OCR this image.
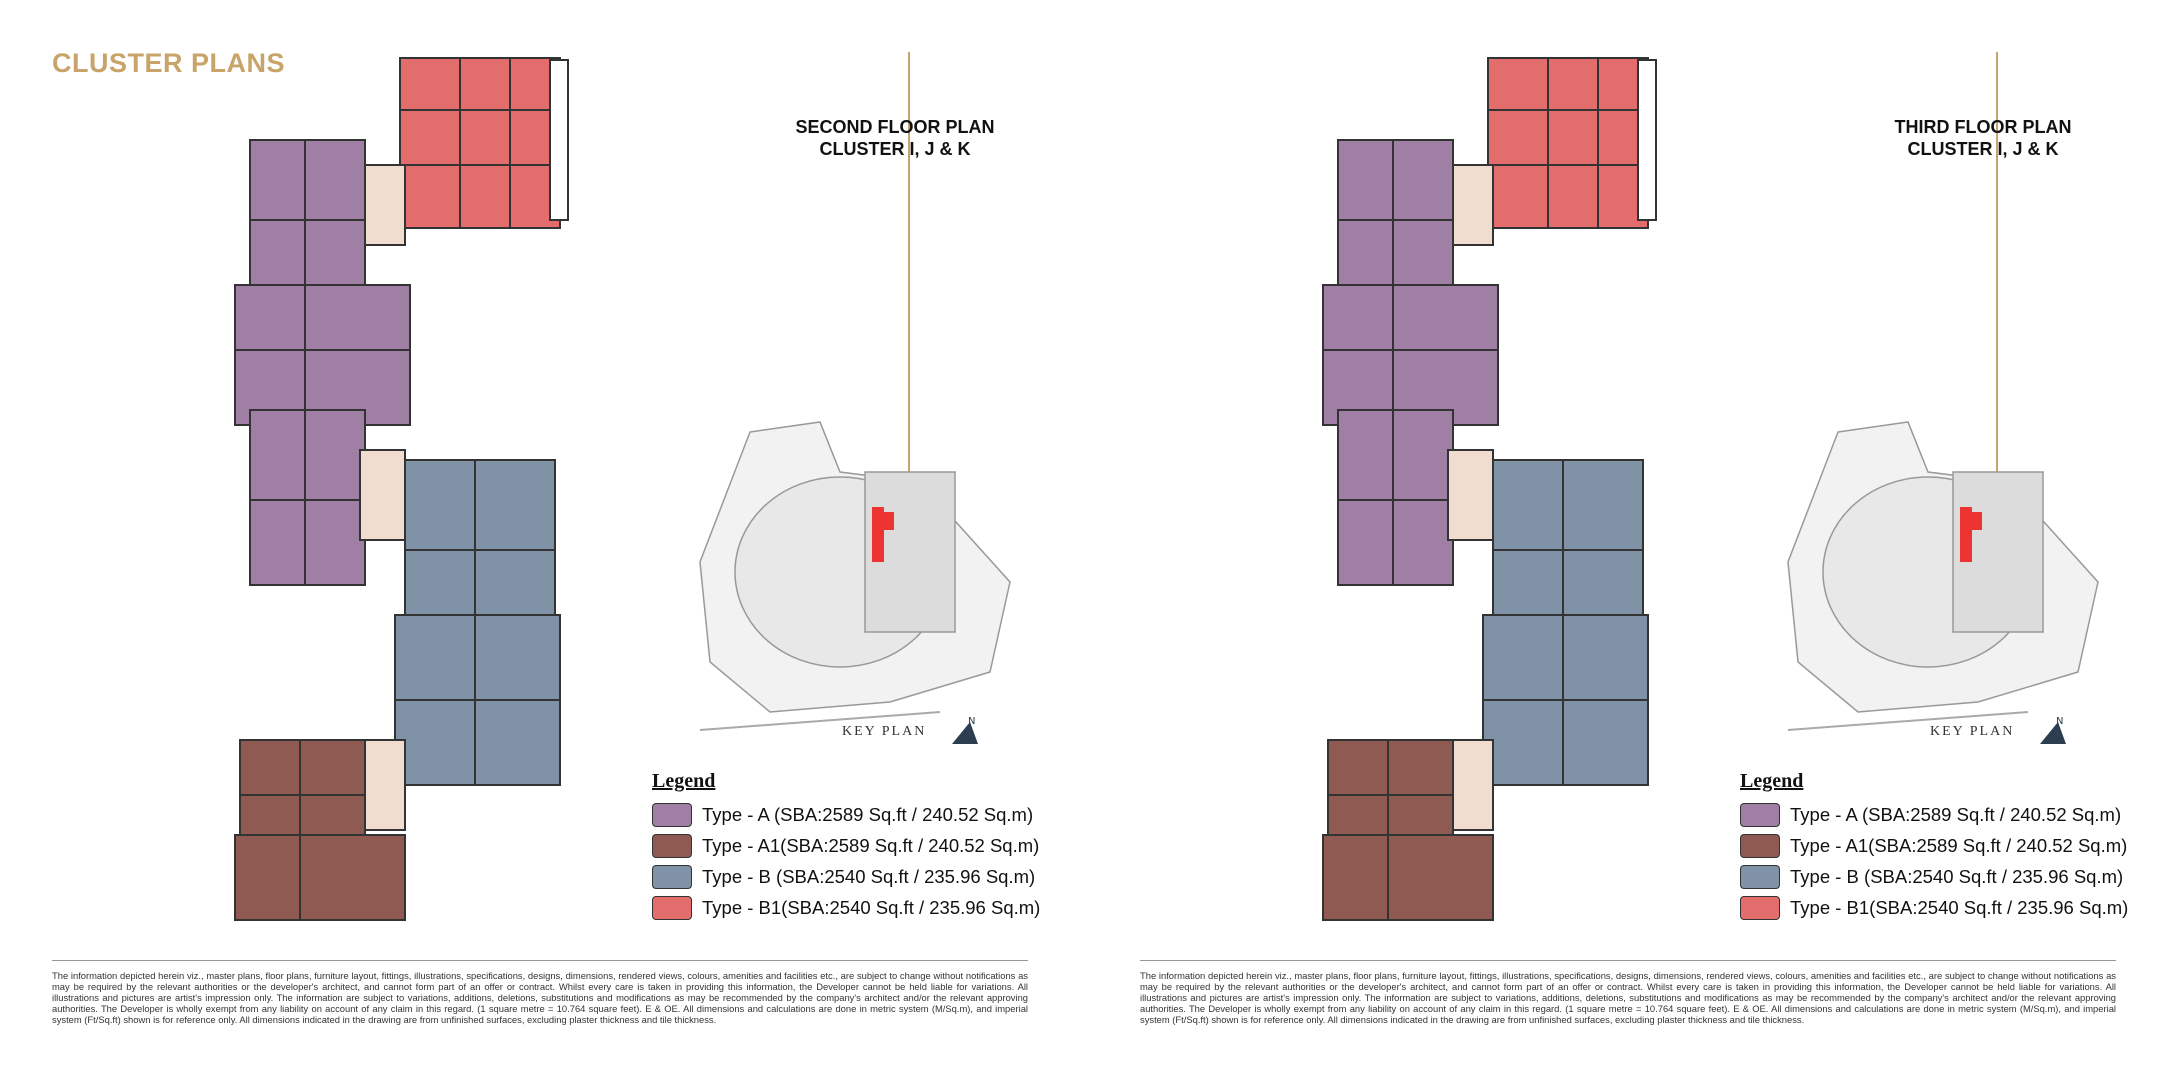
CLUSTER PLANS
SECOND FLOOR PLAN
CLUSTER I, J & K
KEY PLAN
N
Legend
Type - A (SBA:2589 Sq.ft / 240.52 Sq.m)
Type - A1(SBA:2589 Sq.ft / 240.52 Sq.m)
Type - B (SBA:2540 Sq.ft / 235.96 Sq.m)
Type - B1(SBA:2540 Sq.ft / 235.96 Sq.m)
The information depicted herein viz., master plans, floor plans, furniture layout, fittings, illustrations, specifications, designs, dimensions, rendered views, colours, amenities and facilities etc., are subject to change without notifications as may be required by the relevant authorities or the developer's architect, and cannot form part of an offer or contract. Whilst every care is taken in providing this information, the Developer cannot be held liable for variations. All illustrations and pictures are artist's impression only. The information are subject to variations, additions, deletions, substitutions and modifications as may be recommended by the company's architect and/or the relevant approving authorities. The Developer is wholly exempt from any liability on account of any claim in this regard. (1 square metre = 10.764 square feet). E & OE. All dimensions and calculations are done in metric system (M/Sq.m), and imperial system (Ft/Sq.ft) shown is for reference only. All dimensions indicated in the drawing are from unfinished surfaces, excluding plaster thickness and tile thickness.
THIRD FLOOR PLAN
CLUSTER I, J & K
KEY PLAN
N
Legend
Type - A (SBA:2589 Sq.ft / 240.52 Sq.m)
Type - A1(SBA:2589 Sq.ft / 240.52 Sq.m)
Type - B (SBA:2540 Sq.ft / 235.96 Sq.m)
Type - B1(SBA:2540 Sq.ft / 235.96 Sq.m)
The information depicted herein viz., master plans, floor plans, furniture layout, fittings, illustrations, specifications, designs, dimensions, rendered views, colours, amenities and facilities etc., are subject to change without notifications as may be required by the relevant authorities or the developer's architect, and cannot form part of an offer or contract. Whilst every care is taken in providing this information, the Developer cannot be held liable for variations. All illustrations and pictures are artist's impression only. The information are subject to variations, additions, deletions, substitutions and modifications as may be recommended by the company's architect and/or the relevant approving authorities. The Developer is wholly exempt from any liability on account of any claim in this regard. (1 square metre = 10.764 square feet). E & OE. All dimensions and calculations are done in metric system (M/Sq.m), and imperial system (Ft/Sq.ft) shown is for reference only. All dimensions indicated in the drawing are from unfinished surfaces, excluding plaster thickness and tile thickness.
